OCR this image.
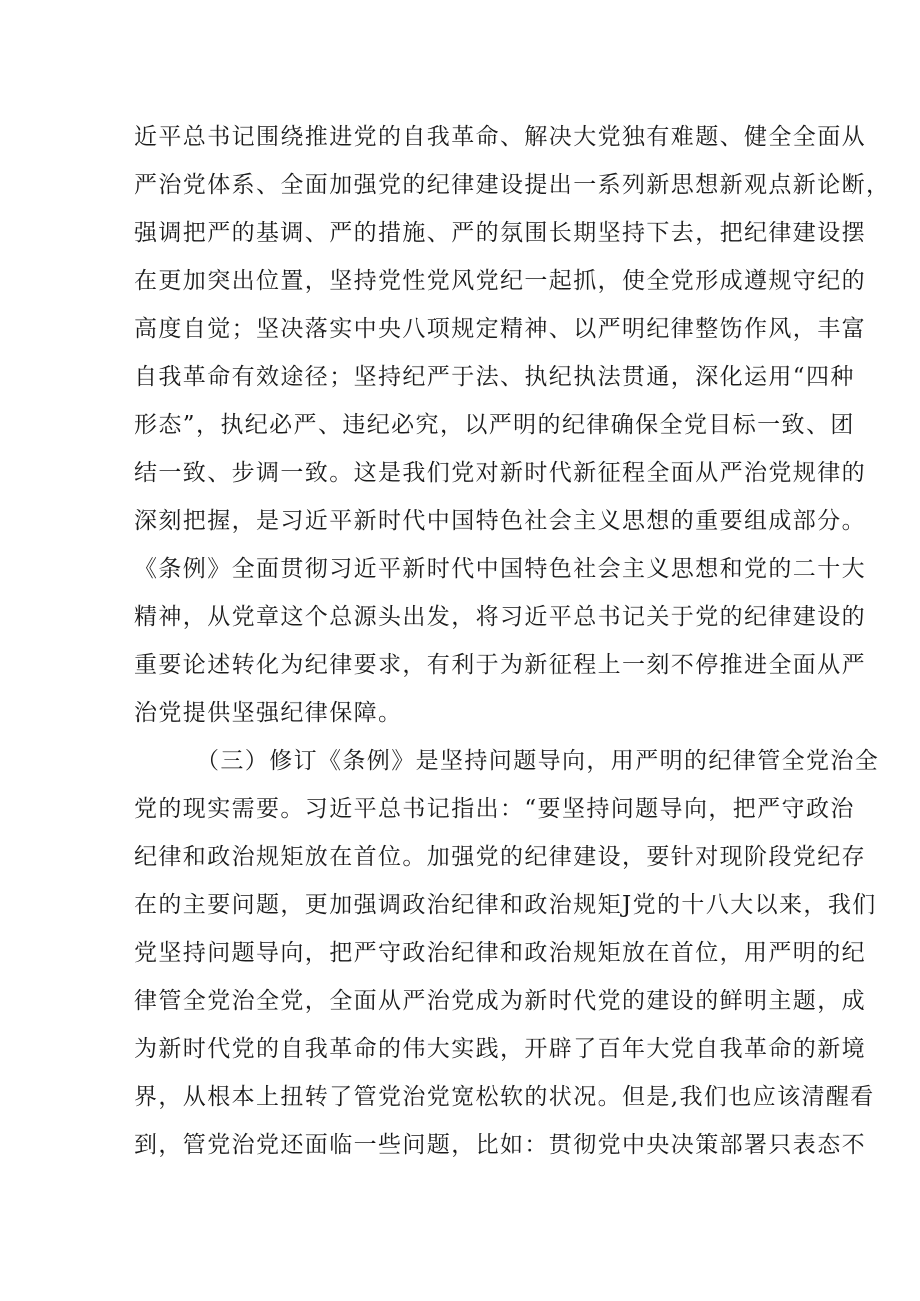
近平总书记围绕推进党的自我革命、解决大党独有难题、健全全面从
严治党体系、全面加强党的纪律建设提出一系列新思想新观点新论断，
强调把严的基调、严的措施、严的氛围长期坚持下去，把纪律建设摆
在更加突出位置，坚持党性党风党纪一起抓，使全党形成遵规守纪的
高度自觉；坚决落实中央八项规定精神、以严明纪律整饬作风，丰富
自我革命有效途径；坚持纪严于法、执纪执法贯通，深化运用“四种
形态”，执纪必严、违纪必究，以严明的纪律确保全党目标一致、团
结一致、步调一致。这是我们党对新时代新征程全面从严治党规律的
深刻把握，是习近平新时代中国特色社会主义思想的重要组成部分。
《条例》全面贯彻习近平新时代中国特色社会主义思想和党的二十大
精神，从党章这个总源头出发，将习近平总书记关于党的纪律建设的
重要论述转化为纪律要求，有利于为新征程上一刻不停推进全面从严
治党提供坚强纪律保障。
（三）修订《条例》是坚持问题导向，用严明的纪律管全党治全
党的现实需要。习近平总书记指出：“要坚持问题导向，把严守政治
纪律和政治规矩放在首位。加强党的纪律建设，要针对现阶段党纪存
在的主要问题，更加强调政治纪律和政治规矩J党的十八大以来，我们
党坚持问题导向，把严守政治纪律和政治规矩放在首位，用严明的纪
律管全党治全党，全面从严治党成为新时代党的建设的鲜明主题，成
为新时代党的自我革命的伟大实践，开辟了百年大党自我革命的新境
界，从根本上扭转了管党治党宽松软的状况。但是,我们也应该清醒看
到，管党治党还面临一些问题，比如：贯彻党中央决策部署只表态不
